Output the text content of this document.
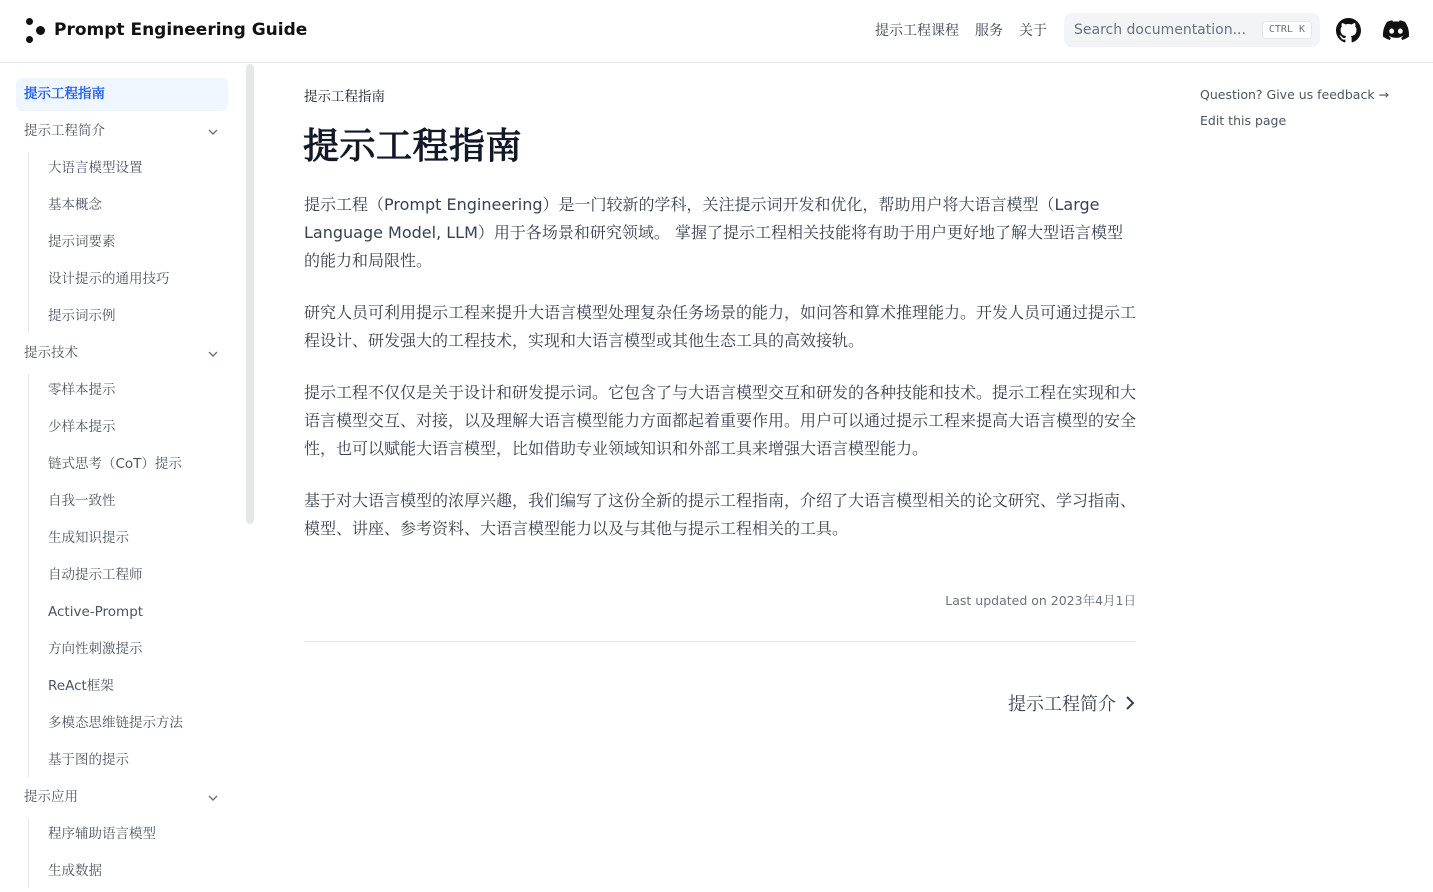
Prompt Engineering Guide	提示工程课程 服务 关于
Search documentation...	CTRL K
提示工程指南
提示工程简介
大语言模型设置
基本概念
提示词要素
设计提示的通用技巧
提示词示例
提示技术
零样本提示
少样本提示
链式思考（CoT）提示
自我一致性
生成知识提示
自动提示工程师
Active-Prompt
方向性刺激提示
ReAct框架
多模态思维链提示方法
基于图的提示
提示应用
程序辅助语言模型
生成数据
提示工程指南
提示工程指南

提示工程（Prompt Engineering）是一门较新的学科，关注提示词开发和优化，帮助用户将大语言模型（Large Language Model, LLM）用于各场景和研究领域。 掌握了提示工程相关技能将有助于用户更好地了解大型语言模型的能力和局限性。

研究人员可利用提示工程来提升大语言模型处理复杂任务场景的能力，如问答和算术推理能力。开发人员可通过提示工程设计、研发强大的工程技术，实现和大语言模型或其他生态工具的高效接轨。

提示工程不仅仅是关于设计和研发提示词。它包含了与大语言模型交互和研发的各种技能和技术。提示工程在实现和大语言模型交互、对接，以及理解大语言模型能力方面都起着重要作用。用户可以通过提示工程来提高大语言模型的安全性，也可以赋能大语言模型，比如借助专业领域知识和外部工具来增强大语言模型能力。

基于对大语言模型的浓厚兴趣，我们编写了这份全新的提示工程指南，介绍了大语言模型相关的论文研究、学习指南、模型、讲座、参考资料、大语言模型能力以及与其他与提示工程相关的工具。

Last updated on 2023年4月1日
提示工程简介
Question? Give us feedback →
Edit this page
